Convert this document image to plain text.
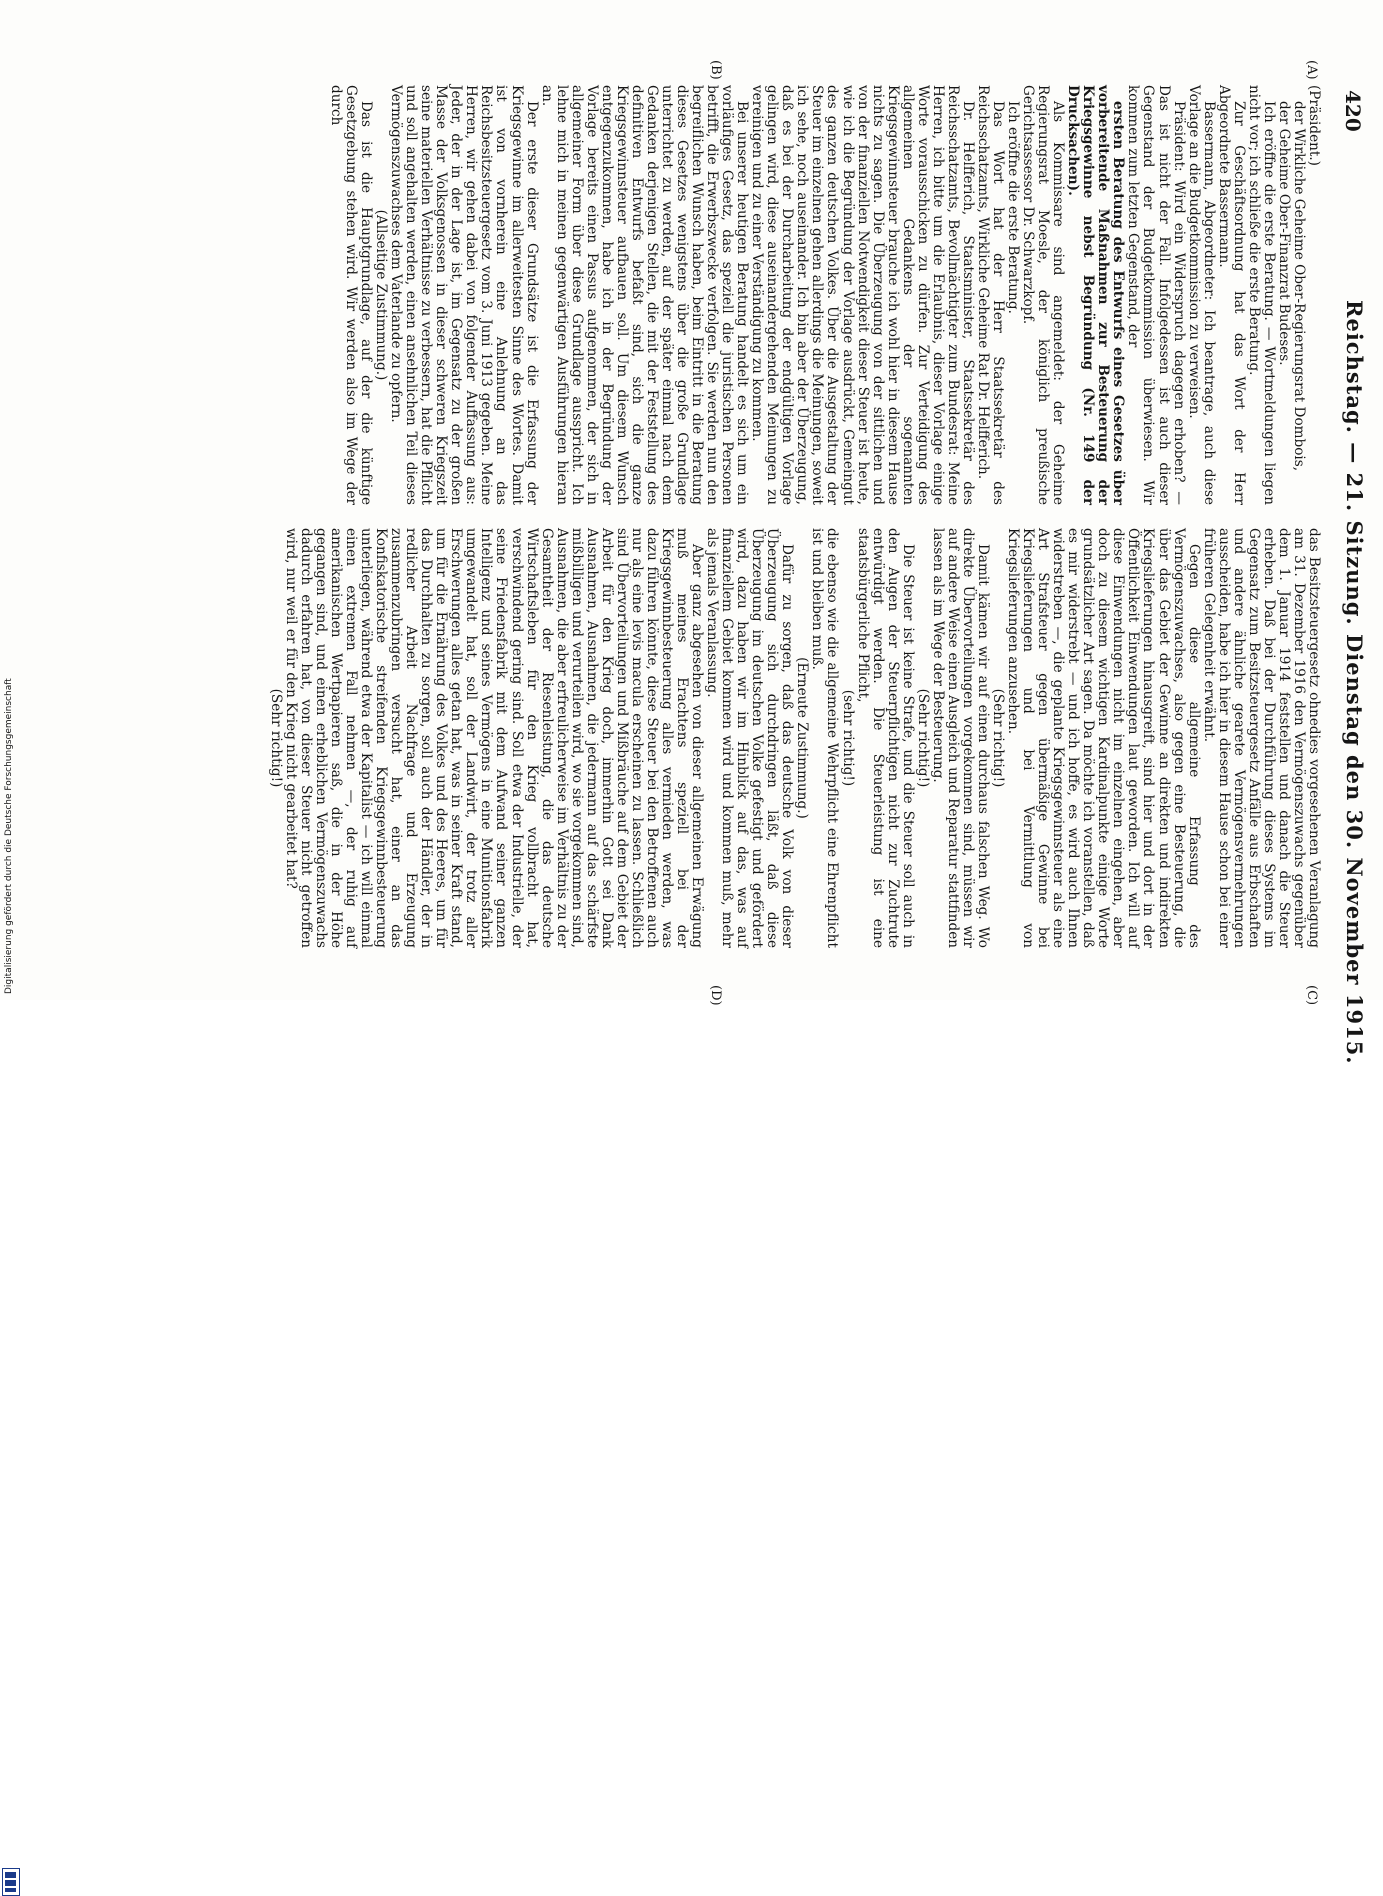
420
Reichstag. — 21. Sitzung. Dienstag den 30. November 1915.
(A)
(B)
(C)
(D)

(Präsident.)

der Wirkliche Geheime Ober-Regierungsrat Dombois,

der Geheime Ober-Finanzrat Budeses.

Ich eröffne die erste Beratung. — Wortmeldungen liegen nicht vor; ich schließe die erste Beratung.

Zur Geschäftsordnung hat das Wort der Herr Abgeordnete Bassermann.

Bassermann, Abgeordneter: Ich beantrage, auch diese Vorlage an die Budgetkommission zu verweisen.

Präsident: Wird ein Widerspruch dagegen erhoben? — Das ist nicht der Fall. Infolgedessen ist auch dieser Gegenstand der Budgetkommission überwiesen. Wir kommen zum letzten Gegenstand, der

ersten Beratung des Entwurfs eines Gesetzes über vorbereitende Maßnahmen zur Besteuerung der Kriegsgewinne nebst Begründung (Nr. 149 der Drucksachen).

Als Kommissare sind angemeldet: der Geheime Regierungsrat Moesle, der königlich preußische Gerichtsassessor Dr. Schwarzkopf.

Ich eröffne die erste Beratung.

Das Wort hat der Herr Staatssekretär des Reichsschatzamts, Wirkliche Geheime Rat Dr. Helfferich.

Dr. Helfferich, Staatsminister, Staatssekretär des Reichsschatzamts, Bevollmächtigter zum Bundesrat: Meine Herren, ich bitte um die Erlaubnis, dieser Vorlage einige Worte vorausschicken zu dürfen. Zur Verteidigung des allgemeinen Gedankens der sogenannten Kriegsgewinnsteuer brauche ich wohl hier in diesem Hause nichts zu sagen. Die Überzeugung von der sittlichen und von der finanziellen Notwendigkeit dieser Steuer ist heute, wie ich die Begründung der Vorlage ausdrückt, Gemeingut des ganzen deutschen Volkes. Über die Ausgestaltung der Steuer im einzelnen gehen allerdings die Meinungen, soweit ich sehe, noch auseinander. Ich bin aber der Überzeugung, daß es bei der Durcharbeitung der endgültigen Vorlage gelingen wird, diese auseinandergehenden Meinungen zu vereinigen und zu einer Verständigung zu kommen.

Bei unserer heutigen Beratung handelt es sich um ein vorläufiges Gesetz, das speziell die juristischen Personen betrifft, die Erwerbszwecke verfolgen. Sie werden nun den begreiflichen Wunsch haben, beim Eintritt in die Beratung dieses Gesetzes wenigstens über die große Grundlage unterrichtet zu werden, auf der später einmal nach dem Gedanken derjenigen Stellen, die mit der Feststellung des definitiven Entwurfs befaßt sind, sich die ganze Kriegsgewinnsteuer aufbauen soll. Um diesem Wunsch entgegenzukommen, habe ich in der Begründung der Vorlage bereits einen Passus aufgenommen, der sich in allgemeiner Form über diese Grundlage ausspricht. Ich lehne mich in meinen gegenwärtigen Ausführungen hieran an.

Der erste dieser Grundsätze ist die Erfassung der Kriegsgewinne im allerweitesten Sinne des Wortes. Damit ist von vornherein eine Anlehnung an das Reichsbesitzsteuergesetz vom 3. Juni 1913 gegeben. Meine Herren, wir gehen dabei von folgender Auffassung aus: Jeder, der in der Lage ist, im Gegensatz zu der großen Masse der Volksgenossen in dieser schweren Kriegszeit seine materiellen Verhältnisse zu verbessern, hat die Pflicht und soll angehalten werden, einen ansehnlichen Teil dieses Vermögenszuwachses dem Vaterlande zu opfern.

(Allseitige Zustimmung.)

Das ist die Hauptgrundlage, auf der die künftige Gesetzgebung stehen wird. Wir werden also im Wege der durch

das Besitzsteuergesetz ohnedies vorgesehenen Veranlagung am 31. Dezember 1916 den Vermögenszuwachs gegenüber dem 1. Januar 1914 feststellen und danach die Steuer erheben. Daß bei der Durchführung dieses Systems im Gegensatz zum Besitzsteuergesetz Anfälle aus Erbschaften und andere ähnliche gearete Vermögensvermehrungen ausscheiden, habe ich hier in diesem Hause schon bei einer früheren Gelegenheit erwähnt.

Gegen diese allgemeine Erfassung des Vermögenszuwachses, also gegen eine Besteuerung, die über das Gebiet der Gewinne an direkten und indirekten Kriegslieferungen hinausgreift, sind hier und dort in der Öffentlichkeit Einwendungen laut geworden. Ich will auf diese Einwendungen nicht im einzelnen eingehen, aber doch zu diesem wichtigen Kardinalpunkte einige Worte grundsätzlicher Art sagen. Da möchte ich voranstellen, daß es mir widerstrebt — und ich hoffe, es wird auch Ihnen widerstreben —, die geplante Kriegsgewinnsteuer als eine Art Strafsteuer gegen übermäßige Gewinne bei Kriegslieferungen und bei Vermittlung von Kriegslieferungen anzusehen.

(Sehr richtig!)

Damit kämen wir auf einen durchaus falschen Weg. Wo direkte Übervorteilungen vorgekommen sind, müssen wir auf andere Weise einen Ausgleich und Reparatur stattfinden lassen als im Wege der Besteuerung.

(Sehr richtig!)

Die Steuer ist keine Strafe, und die Steuer soll auch in den Augen der Steuerpflichtigen nicht zur Zuchtrute entwürdigt werden. Die Steuerleistung ist eine staatsbürgerliche Pflicht,

(sehr richtig!)

die ebenso wie die allgemeine Wehrpflicht eine Ehrenpflicht ist und bleiben muß.

(Erneute Zustimmung.)

Dafür zu sorgen, daß das deutsche Volk von dieser Überzeugung sich durchdringen läßt, daß diese Überzeugung im deutschen Volke gefestigt und gefördert wird, dazu haben wir im Hinblick auf das, was auf finanziellem Gebiet kommen wird und kommen muß, mehr als jemals Veranlassung.

Aber ganz abgesehen von dieser allgemeinen Erwägung muß meines Erachtens speziell bei der Kriegsgewinnbesteuerung alles vermieden werden, was dazu führen könnte, diese Steuer bei den Betroffenen auch nur als eine levis macula erscheinen zu lassen. Schließlich sind Übervorteilungen und Mißbräuche auf dem Gebiet der Arbeit für den Krieg doch, immerhin Gott sei Dank Ausnahmen, Ausnahmen, die jedermann auf das schärfste mißbilligen und verurteilen wird, wo sie vorgekommen sind, Ausnahmen, die aber erfreulicherweise im Verhältnis zu der Gesamtheit der Riesenleistung, die das deutsche Wirtschaftsleben für den Krieg vollbracht hat, verschwindend gering sind. Soll etwa der Industrielle, der seine Friedensfabrik mit dem Aufwand seiner ganzen Intelligenz und seines Vermögens in eine Munitionsfabrik umgewandelt hat, soll der Landwirt, der trotz aller Erschwerungen alles getan hat, was in seiner Kraft stand, um für die Ernährung des Volkes und des Heeres, um für das Durchhalten zu sorgen, soll auch der Händler, der in redlicher Arbeit Nachfrage und Erzeugung zusammenzubringen versucht hat, einer an das Konfiskatorische streifenden Kriegsgewinnbesteuerung unterliegen, während etwa der Kapitalist — ich will einmal einen extremen Fall nehmen —, der ruhig auf amerikanischen Wertpapieren saß, die in der Höhe gegangen sind, und einen erheblichen Vermögenszuwachs dadurch erfahren hat, von dieser Steuer nicht getroffen wird, nur weil er für den Krieg nicht gearbeitet hat?

(Sehr richtig!)

Digitalisierung gefördert durch die Deutsche Forschungsgemeinschaft
